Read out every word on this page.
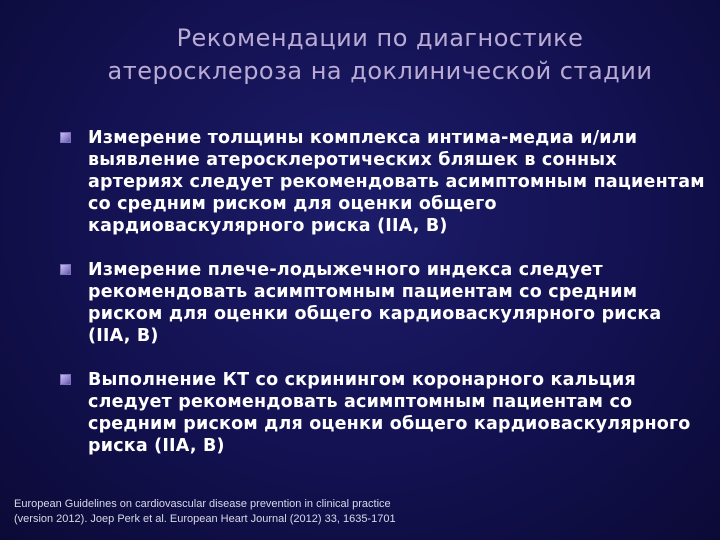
Рекомендации по диагностике
атеросклероза на доклинической стадии
Измерение толщины комплекса интима-медиа и/или выявление атеросклеротических бляшек в сонных артериях следует рекомендовать асимптомным пациентам со средним риском для оценки общего кардиоваскулярного риска (IIA, B)
Измерение плече-лодыжечного индекса следует рекомендовать асимптомным пациентам со средним риском для оценки общего кардиоваскулярного риска (IIA, B)
Выполнение КТ со скринингом коронарного кальция следует рекомендовать асимптомным пациентам со средним риском для оценки общего кардиоваскулярного риска (IIA, B)
European Guidelines on cardiovascular disease prevention in clinical practice
(version 2012). Joep Perk et al. European Heart Journal (2012) 33, 1635-1701
